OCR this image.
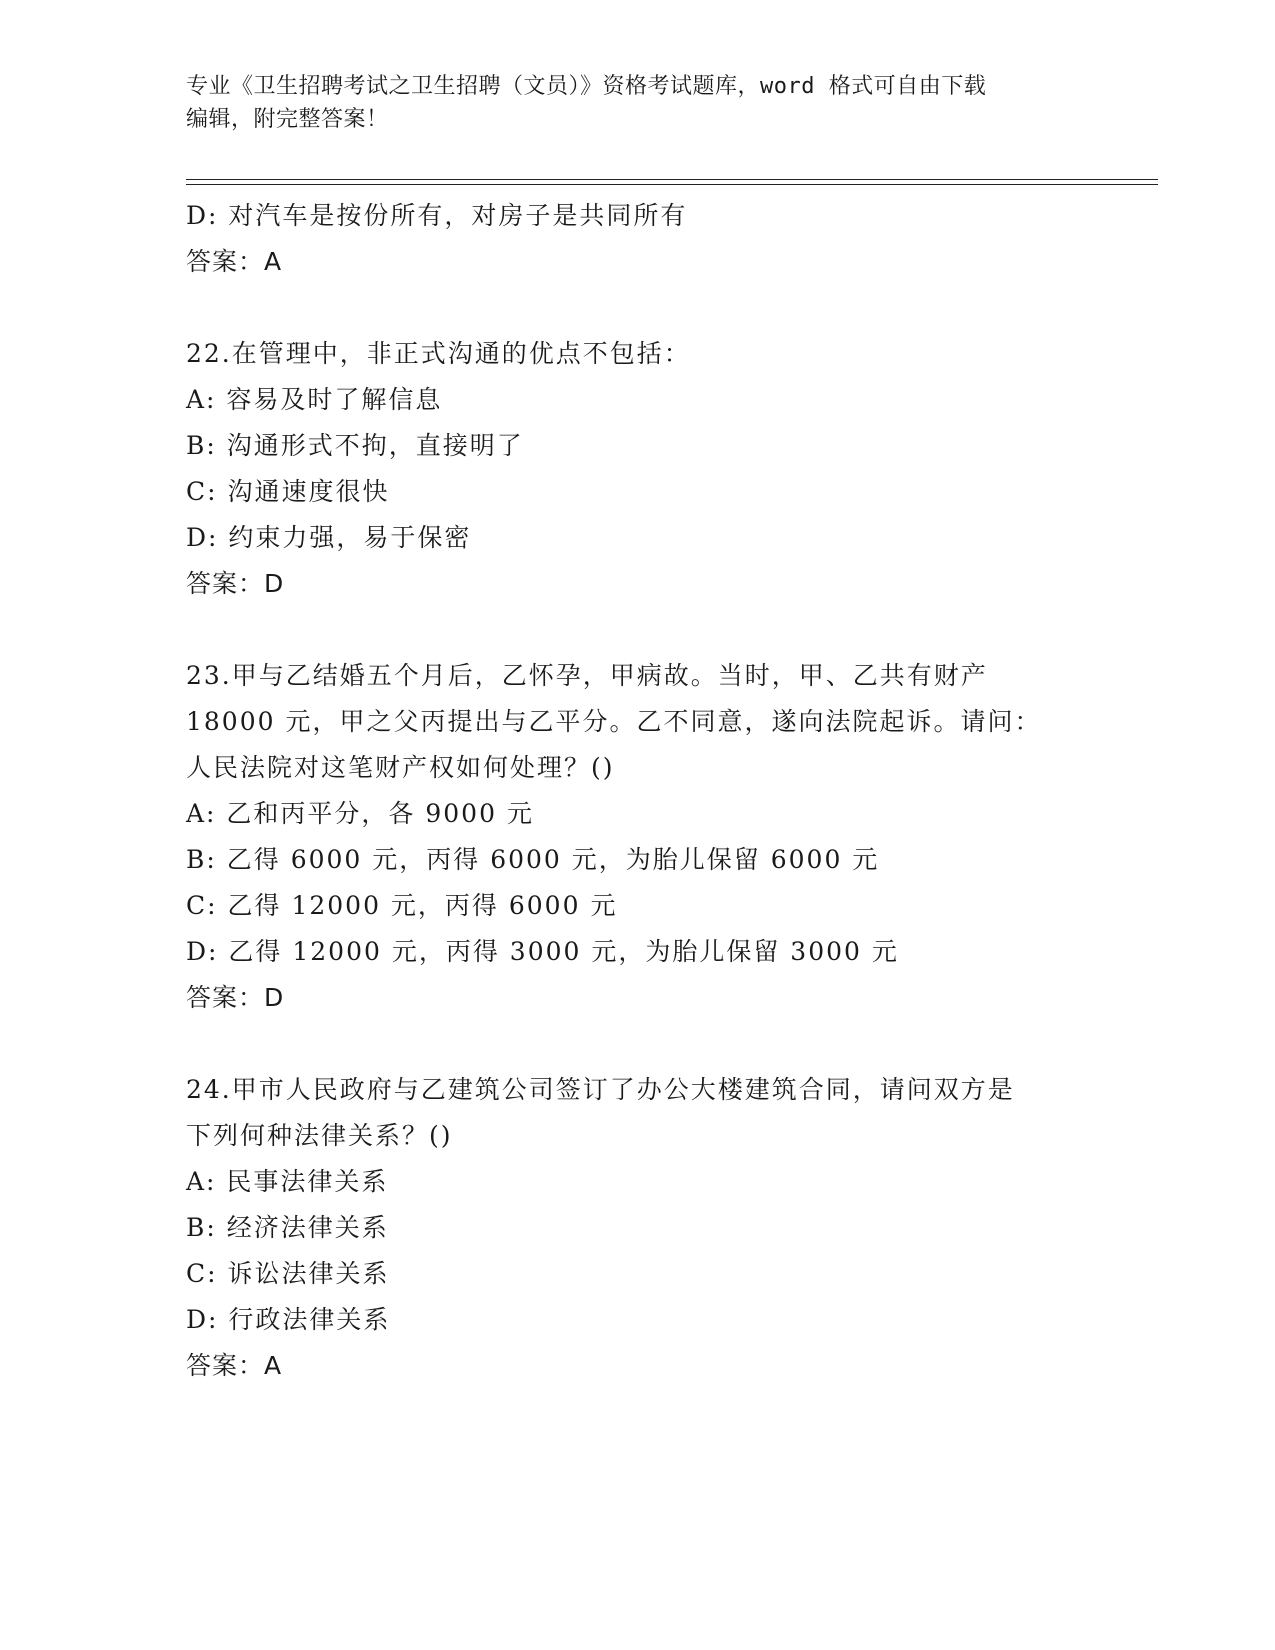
专业《卫生招聘考试之卫生招聘（文员）》资格考试题库，word 格式可自由下载
编辑，附完整答案！
D: 对汽车是按份所有，对房子是共同所有
答案：A
22.在管理中，非正式沟通的优点不包括：
A: 容易及时了解信息
B: 沟通形式不拘，直接明了
C: 沟通速度很快
D: 约束力强，易于保密
答案：D
23.甲与乙结婚五个月后，乙怀孕，甲病故。当时，甲、乙共有财产
18000 元，甲之父丙提出与乙平分。乙不同意，遂向法院起诉。请问：
人民法院对这笔财产权如何处理？()
A: 乙和丙平分，各 9000 元
B: 乙得 6000 元，丙得 6000 元，为胎儿保留 6000 元
C: 乙得 12000 元，丙得 6000 元
D: 乙得 12000 元，丙得 3000 元，为胎儿保留 3000 元
答案：D
24.甲市人民政府与乙建筑公司签订了办公大楼建筑合同，请问双方是
下列何种法律关系？()
A: 民事法律关系
B: 经济法律关系
C: 诉讼法律关系
D: 行政法律关系
答案：A
